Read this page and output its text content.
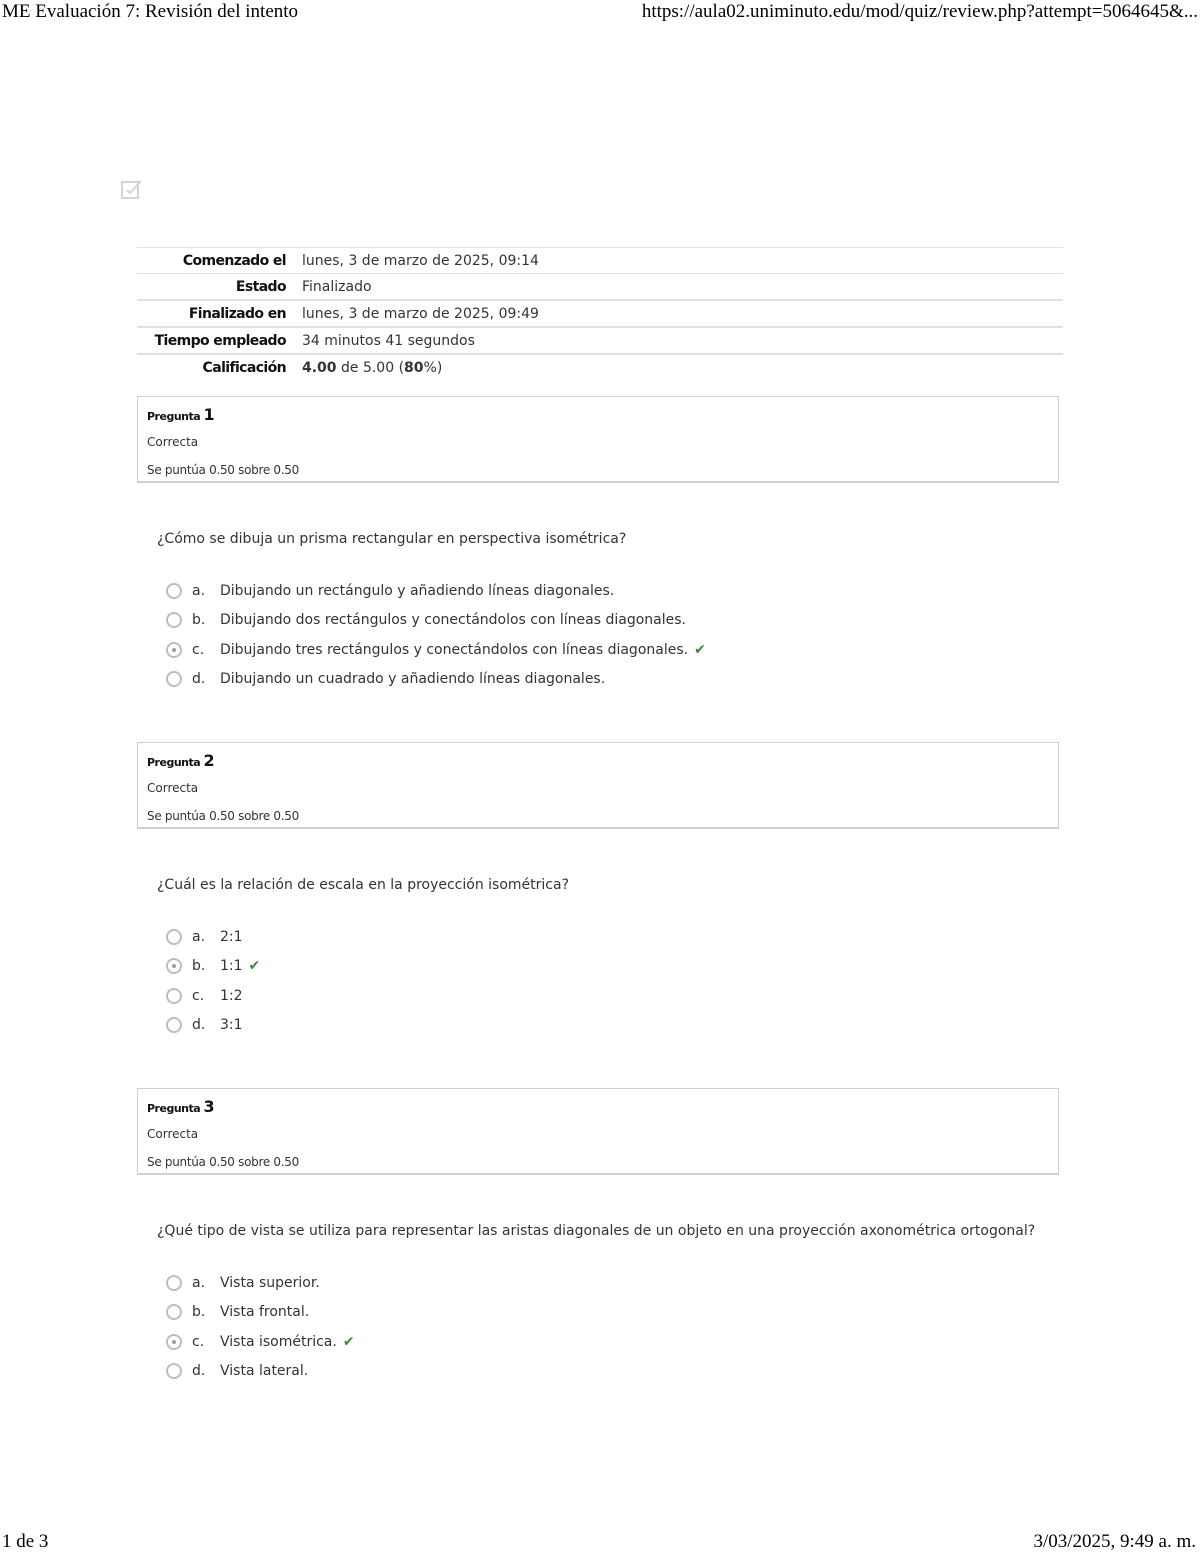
ME Evaluación 7: Revisión del intento	https://aula02.uniminuto.edu/mod/quiz/review.php?attempt=5064645&...
Comenzado el	lunes, 3 de marzo de 2025, 09:14
Estado	Finalizado
Finalizado en	lunes, 3 de marzo de 2025, 09:49
Tiempo empleado	34 minutos 41 segundos
Calificación	4.00 de 5.00 (80%)
Pregunta 1
Correcta
Se puntúa 0.50 sobre 0.50
¿Cómo se dibuja un prisma rectangular en perspectiva isométrica?
a.	Dibujando un rectángulo y añadiendo líneas diagonales.
b.	Dibujando dos rectángulos y conectándolos con líneas diagonales.
c.	Dibujando tres rectángulos y conectándolos con líneas diagonales. ✔
d.	Dibujando un cuadrado y añadiendo líneas diagonales.
Pregunta 2
Correcta
Se puntúa 0.50 sobre 0.50
¿Cuál es la relación de escala en la proyección isométrica?
a.	2:1
b.	1:1 ✔
c.	1:2
d.	3:1
Pregunta 3
Correcta
Se puntúa 0.50 sobre 0.50
¿Qué tipo de vista se utiliza para representar las aristas diagonales de un objeto en una proyección axonométrica ortogonal?
a.	Vista superior.
b.	Vista frontal.
c.	Vista isométrica. ✔
d.	Vista lateral.
1 de 3	3/03/2025, 9:49 a. m.
